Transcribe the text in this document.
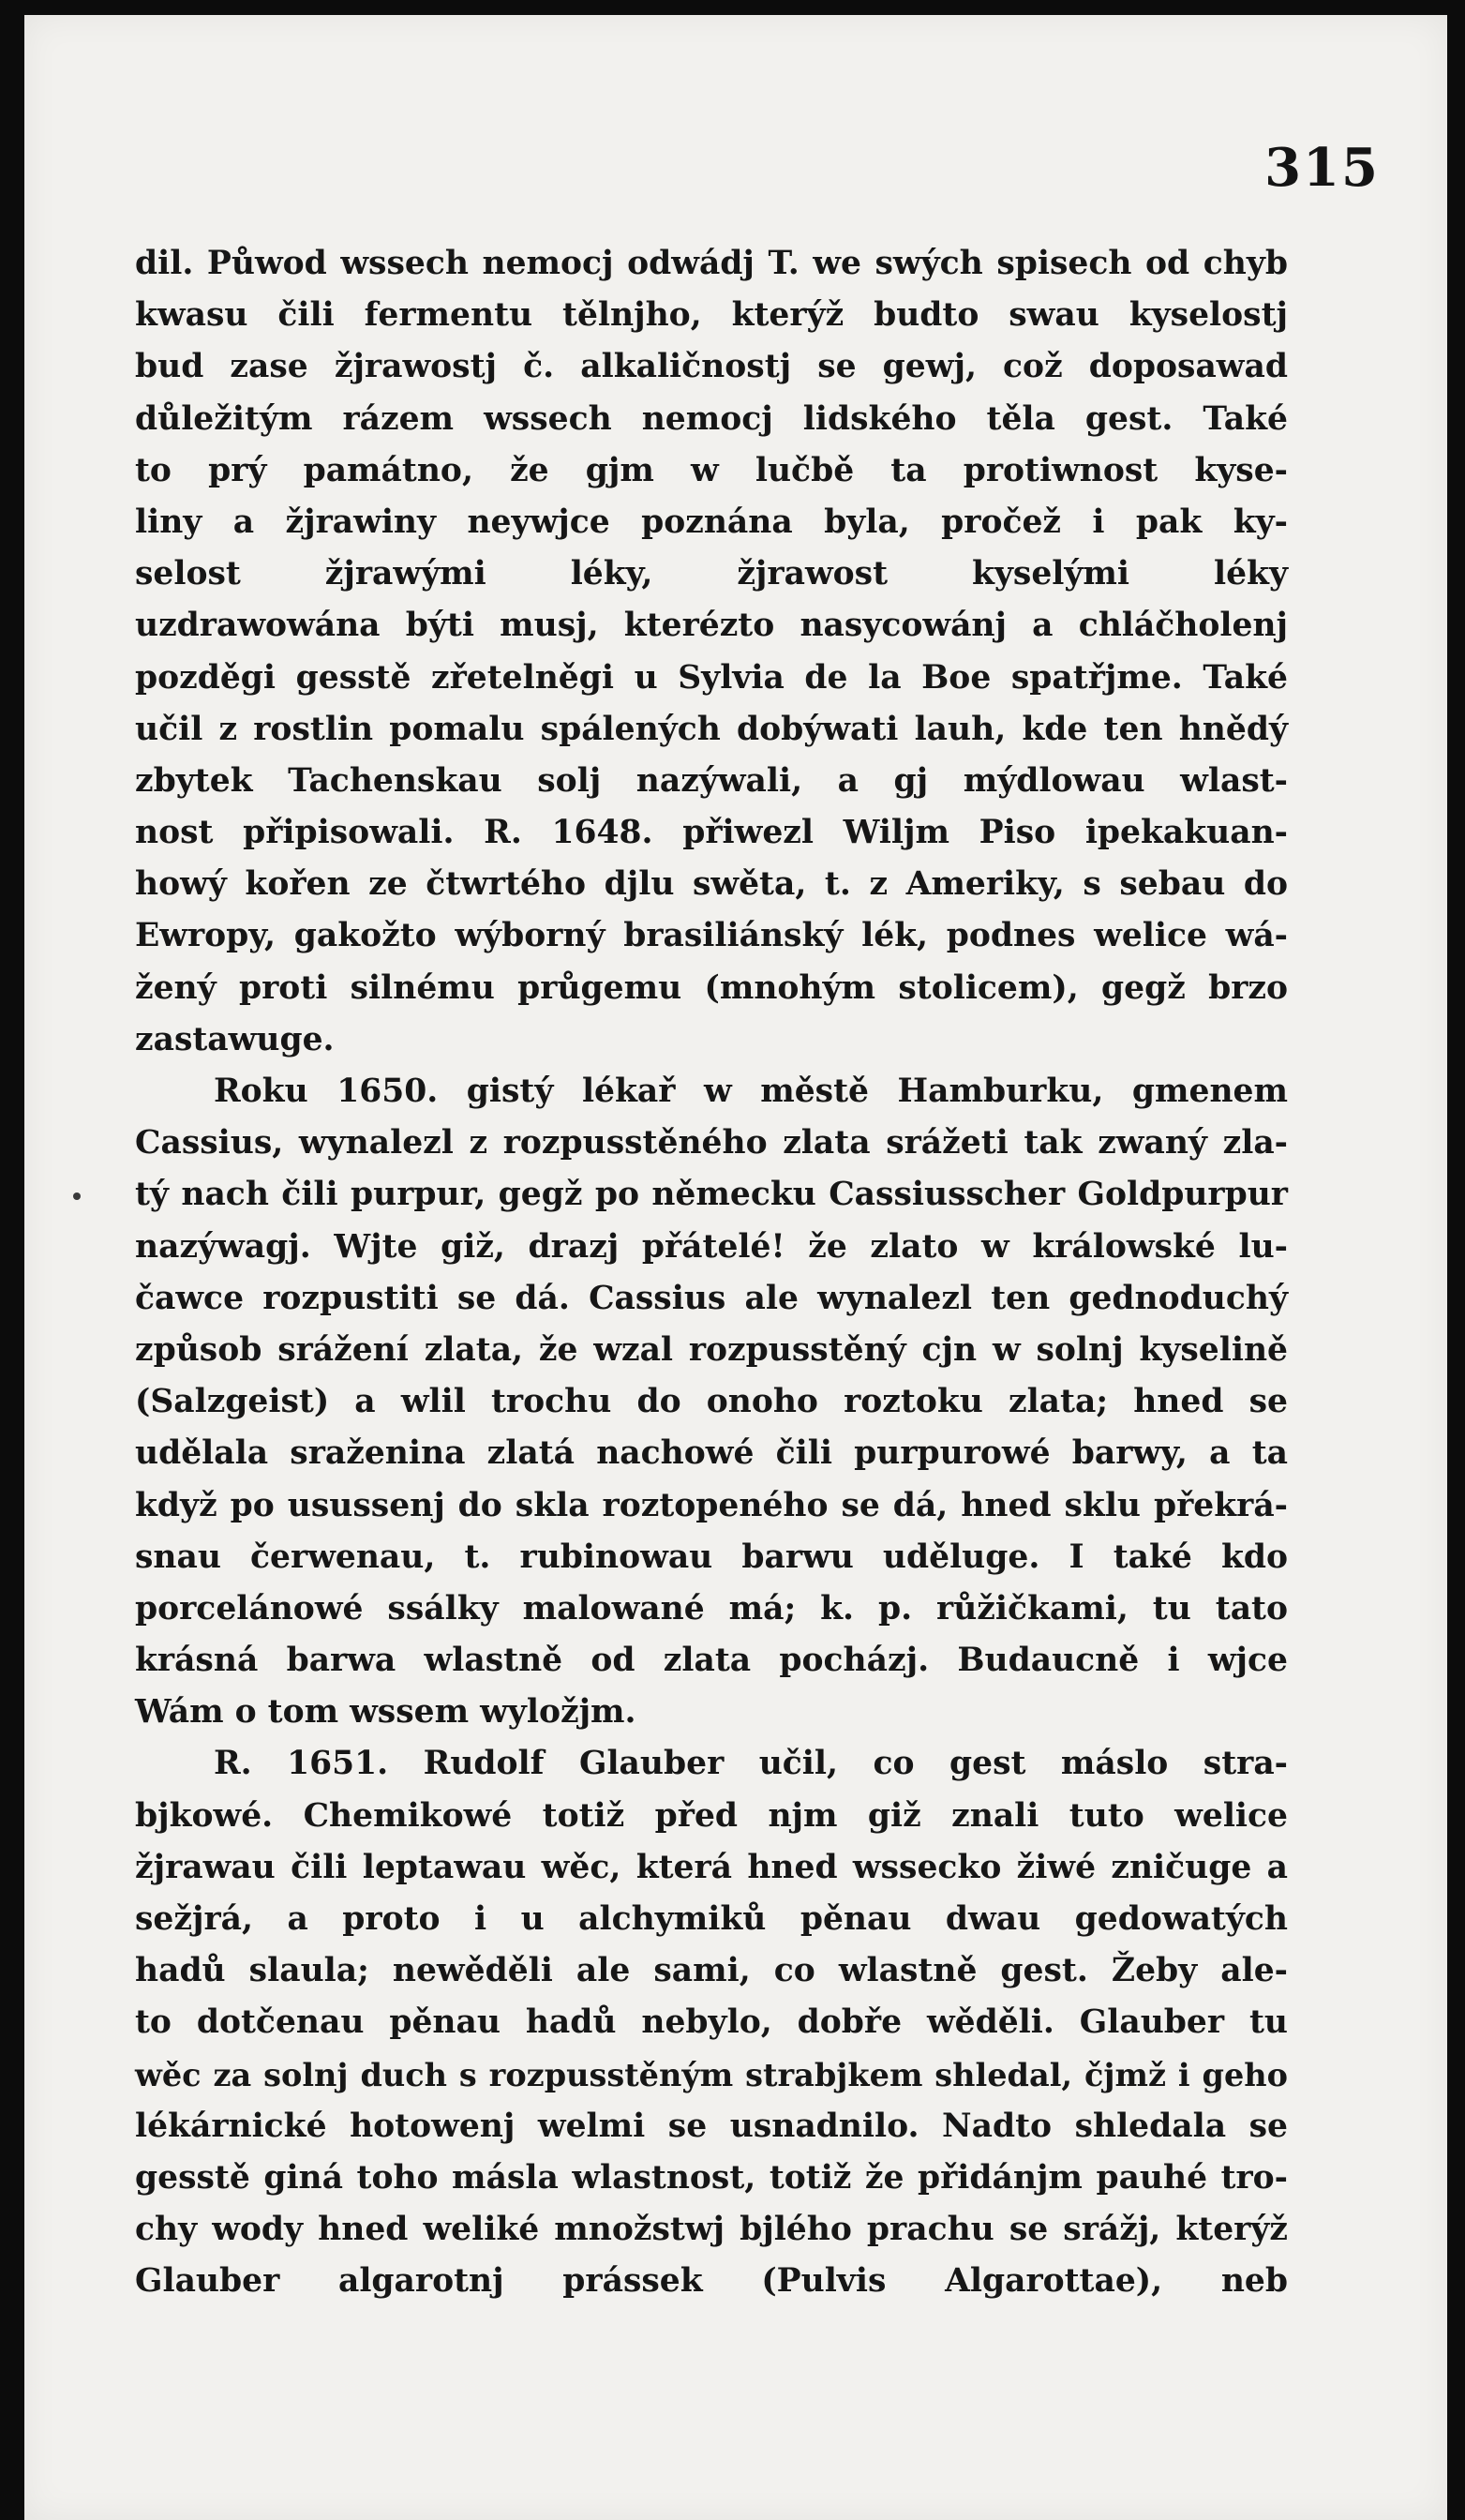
315
dil. Půwod wssech nemocj odwádj T. we swých spisech od chyb
kwasu čili fermentu tělnjho, kterýž budto swau kyselostj
bud zase žjrawostj č. alkaličnostj se gewj, což doposawad
důležitým rázem wssech nemocj lidského těla gest. Také
to prý památno, že gjm w lučbě ta protiwnost kyse-
liny a žjrawiny neywjce poznána byla, pročež i pak ky-
selost žjrawými léky, žjrawost kyselými léky
uzdrawowána býti musj, kterézto nasycowánj a chláčholenj
pozděgi gesstě zřetelněgi u Sylvia de la Boe spatřjme. Také
učil z rostlin pomalu spálených dobýwati lauh, kde ten hnědý
zbytek Tachenskau solj nazýwali, a gj mýdlowau wlast-
nost připisowali. R. 1648. přiwezl Wiljm Piso ipekakuan-
howý kořen ze čtwrtého djlu swěta, t. z Ameriky, s sebau do
Ewropy, gakožto wýborný brasiliánský lék, podnes welice wá-
žený proti silnému průgemu (mnohým stolicem), gegž brzo
zastawuge.
Roku 1650. gistý lékař w městě Hamburku, gmenem
Cassius, wynalezl z rozpusstěného zlata srážeti tak zwaný zla-
tý nach čili purpur, gegž po německu Cassiusscher Goldpurpur
nazýwagj. Wjte giž, drazj přátelé! že zlato w králowské lu-
čawce rozpustiti se dá. Cassius ale wynalezl ten gednoduchý
způsob srážení zlata, že wzal rozpusstěný cjn w solnj kyselině
(Salzgeist) a wlil trochu do onoho roztoku zlata; hned se
udělala sraženina zlatá nachowé čili purpurowé barwy, a ta
když po usussenj do skla roztopeného se dá, hned sklu překrá-
snau čerwenau, t. rubinowau barwu uděluge. I také kdo
porcelánowé ssálky malowané má; k. p. růžičkami, tu tato
krásná barwa wlastně od zlata pocházj. Budaucně i wjce
Wám o tom wssem wyložjm.
R. 1651. Rudolf Glauber učil, co gest máslo stra-
bjkowé. Chemikowé totiž před njm giž znali tuto welice
žjrawau čili leptawau wěc, která hned wssecko žiwé zničuge a
sežjrá, a proto i u alchymiků pěnau dwau gedowatých
hadů slaula; newěděli ale sami, co wlastně gest. Žeby ale-
to dotčenau pěnau hadů nebylo, dobře wěděli. Glauber tu
wěc za solnj duch s rozpusstěným strabjkem shledal, čjmž i geho
lékárnické hotowenj welmi se usnadnilo. Nadto shledala se
gesstě giná toho másla wlastnost, totiž že přidánjm pauhé tro-
chy wody hned weliké množstwj bjlého prachu se srážj, kterýž
Glauber algarotnj prássek (Pulvis Algarottae), neb
